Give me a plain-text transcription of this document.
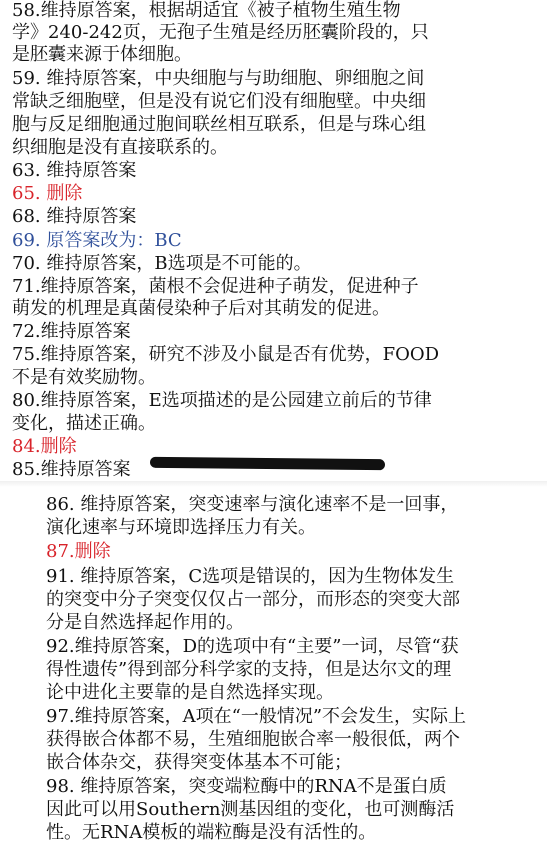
58.维持原答案，根据胡适宜《被子植物生殖生物
学》240-242页，无孢子生殖是经历胚囊阶段的，只
是胚囊来源于体细胞。
59. 维持原答案，中央细胞与与助细胞、卵细胞之间
常缺乏细胞壁，但是没有说它们没有细胞壁。中央细
胞与反足细胞通过胞间联丝相互联系，但是与珠心组
织细胞是没有直接联系的。
63. 维持原答案
65. 删除
68. 维持原答案
69. 原答案改为：BC
70. 维持原答案，B选项是不可能的。
71.维持原答案，菌根不会促进种子萌发，促进种子
萌发的机理是真菌侵染种子后对其萌发的促进。
72.维持原答案
75.维持原答案，研究不涉及小鼠是否有优势，FOOD
不是有效奖励物。
80.维持原答案，E选项描述的是公园建立前后的节律
变化，描述正确。
84.删除
85.维持原答案
86. 维持原答案，突变速率与演化速率不是一回事，
演化速率与环境即选择压力有关。
87.删除
91. 维持原答案，C选项是错误的，因为生物体发生
的突变中分子突变仅仅占一部分，而形态的突变大部
分是自然选择起作用的。
92.维持原答案，D的选项中有“主要”一词，尽管“获
得性遗传”得到部分科学家的支持，但是达尔文的理
论中进化主要靠的是自然选择实现。
97.维持原答案，A项在“一般情况”不会发生，实际上
获得嵌合体都不易，生殖细胞嵌合率一般很低，两个
嵌合体杂交，获得突变体基本不可能；
98. 维持原答案，突变端粒酶中的RNA不是蛋白质
因此可以用Southern测基因组的变化，也可测酶活
性。无RNA模板的端粒酶是没有活性的。
